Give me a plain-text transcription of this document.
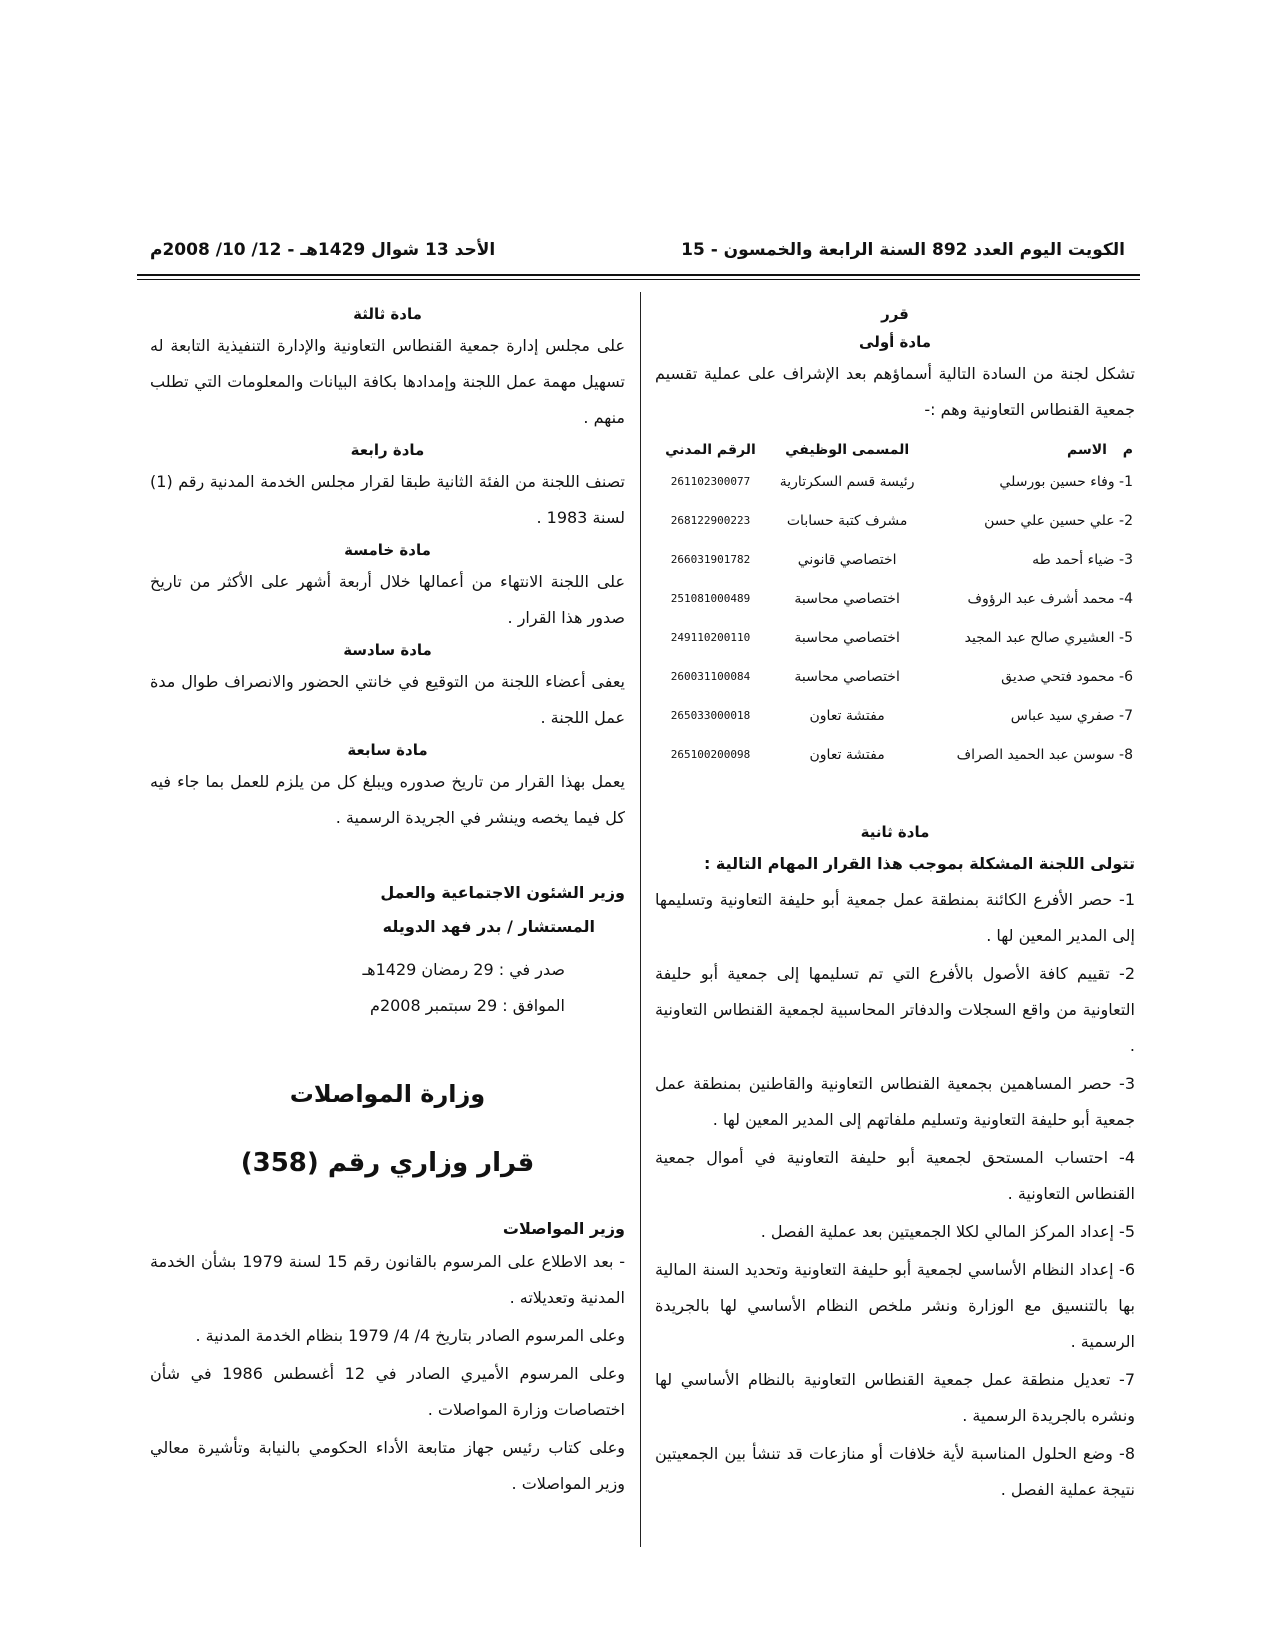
الكويت اليوم العدد 892 السنة الرابعة والخمسون - 15
الأحد 13 شوال 1429هـ - 12/ 10/ 2008م
قرر
مادة أولى

تشكل لجنة من السادة التالية أسماؤهم بعد الإشراف على عملية تقسيم جمعية القنطاس التعاونية وهم :-

م	الاسم	المسمى الوظيفي	الرقم المدني
1- وفاء حسين بورسلي		رئيسة قسم السكرتارية	261102300077
2- علي حسين علي حسن		مشرف كتبة حسابات	268122900223
3- ضياء أحمد طه		اختصاصي قانوني	266031901782
4- محمد أشرف عبد الرؤوف		اختصاصي محاسبة	251081000489
5- العشيري صالح عبد المجيد		اختصاصي محاسبة	249110200110
6- محمود فتحي صديق		اختصاصي محاسبة	260031100084
7- صفري سيد عباس		مفتشة تعاون	265033000018
8- سوسن عبد الحميد الصراف		مفتشة تعاون	265100200098
مادة ثانية

تتولى اللجنة المشكلة بموجب هذا القرار المهام التالية :

1- حصر الأفرع الكائنة بمنطقة عمل جمعية أبو حليفة التعاونية وتسليمها إلى المدير المعين لها .

2- تقييم كافة الأصول بالأفرع التي تم تسليمها إلى جمعية أبو حليفة التعاونية من واقع السجلات والدفاتر المحاسبية لجمعية القنطاس التعاونية .

3- حصر المساهمين بجمعية القنطاس التعاونية والقاطنين بمنطقة عمل جمعية أبو حليفة التعاونية وتسليم ملفاتهم إلى المدير المعين لها .

4- احتساب المستحق لجمعية أبو حليفة التعاونية في أموال جمعية القنطاس التعاونية .

5- إعداد المركز المالي لكلا الجمعيتين بعد عملية الفصل .

6- إعداد النظام الأساسي لجمعية أبو حليفة التعاونية وتحديد السنة المالية بها بالتنسيق مع الوزارة ونشر ملخص النظام الأساسي لها بالجريدة الرسمية .

7- تعديل منطقة عمل جمعية القنطاس التعاونية بالنظام الأساسي لها ونشره بالجريدة الرسمية .

8- وضع الحلول المناسبة لأية خلافات أو منازعات قد تنشأ بين الجمعيتين نتيجة عملية الفصل .

مادة ثالثة

على مجلس إدارة جمعية القنطاس التعاونية والإدارة التنفيذية التابعة له تسهيل مهمة عمل اللجنة وإمدادها بكافة البيانات والمعلومات التي تطلب منهم .

مادة رابعة

تصنف اللجنة من الفئة الثانية طبقا لقرار مجلس الخدمة المدنية رقم (1) لسنة 1983 .

مادة خامسة

على اللجنة الانتهاء من أعمالها خلال أربعة أشهر على الأكثر من تاريخ صدور هذا القرار .

مادة سادسة

يعفى أعضاء اللجنة من التوقيع في خانتي الحضور والانصراف طوال مدة عمل اللجنة .

مادة سابعة

يعمل بهذا القرار من تاريخ صدوره ويبلغ كل من يلزم للعمل بما جاء فيه كل فيما يخصه وينشر في الجريدة الرسمية .

وزير الشئون الاجتماعية والعمل
المستشار / بدر فهد الدويله
صدر في : 29 رمضان 1429هـ
الموافق : 29 سبتمبر 2008م
وزارة المواصلات
قرار وزاري رقم (358)
وزير المواصلات

- بعد الاطلاع على المرسوم بالقانون رقم 15 لسنة 1979 بشأن الخدمة المدنية وتعديلاته .

وعلى المرسوم الصادر بتاريخ 4/ 4/ 1979 بنظام الخدمة المدنية .

وعلى المرسوم الأميري الصادر في 12 أغسطس 1986 في شأن اختصاصات وزارة المواصلات .

وعلى كتاب رئيس جهاز متابعة الأداء الحكومي بالنيابة وتأشيرة معالي وزير المواصلات .
